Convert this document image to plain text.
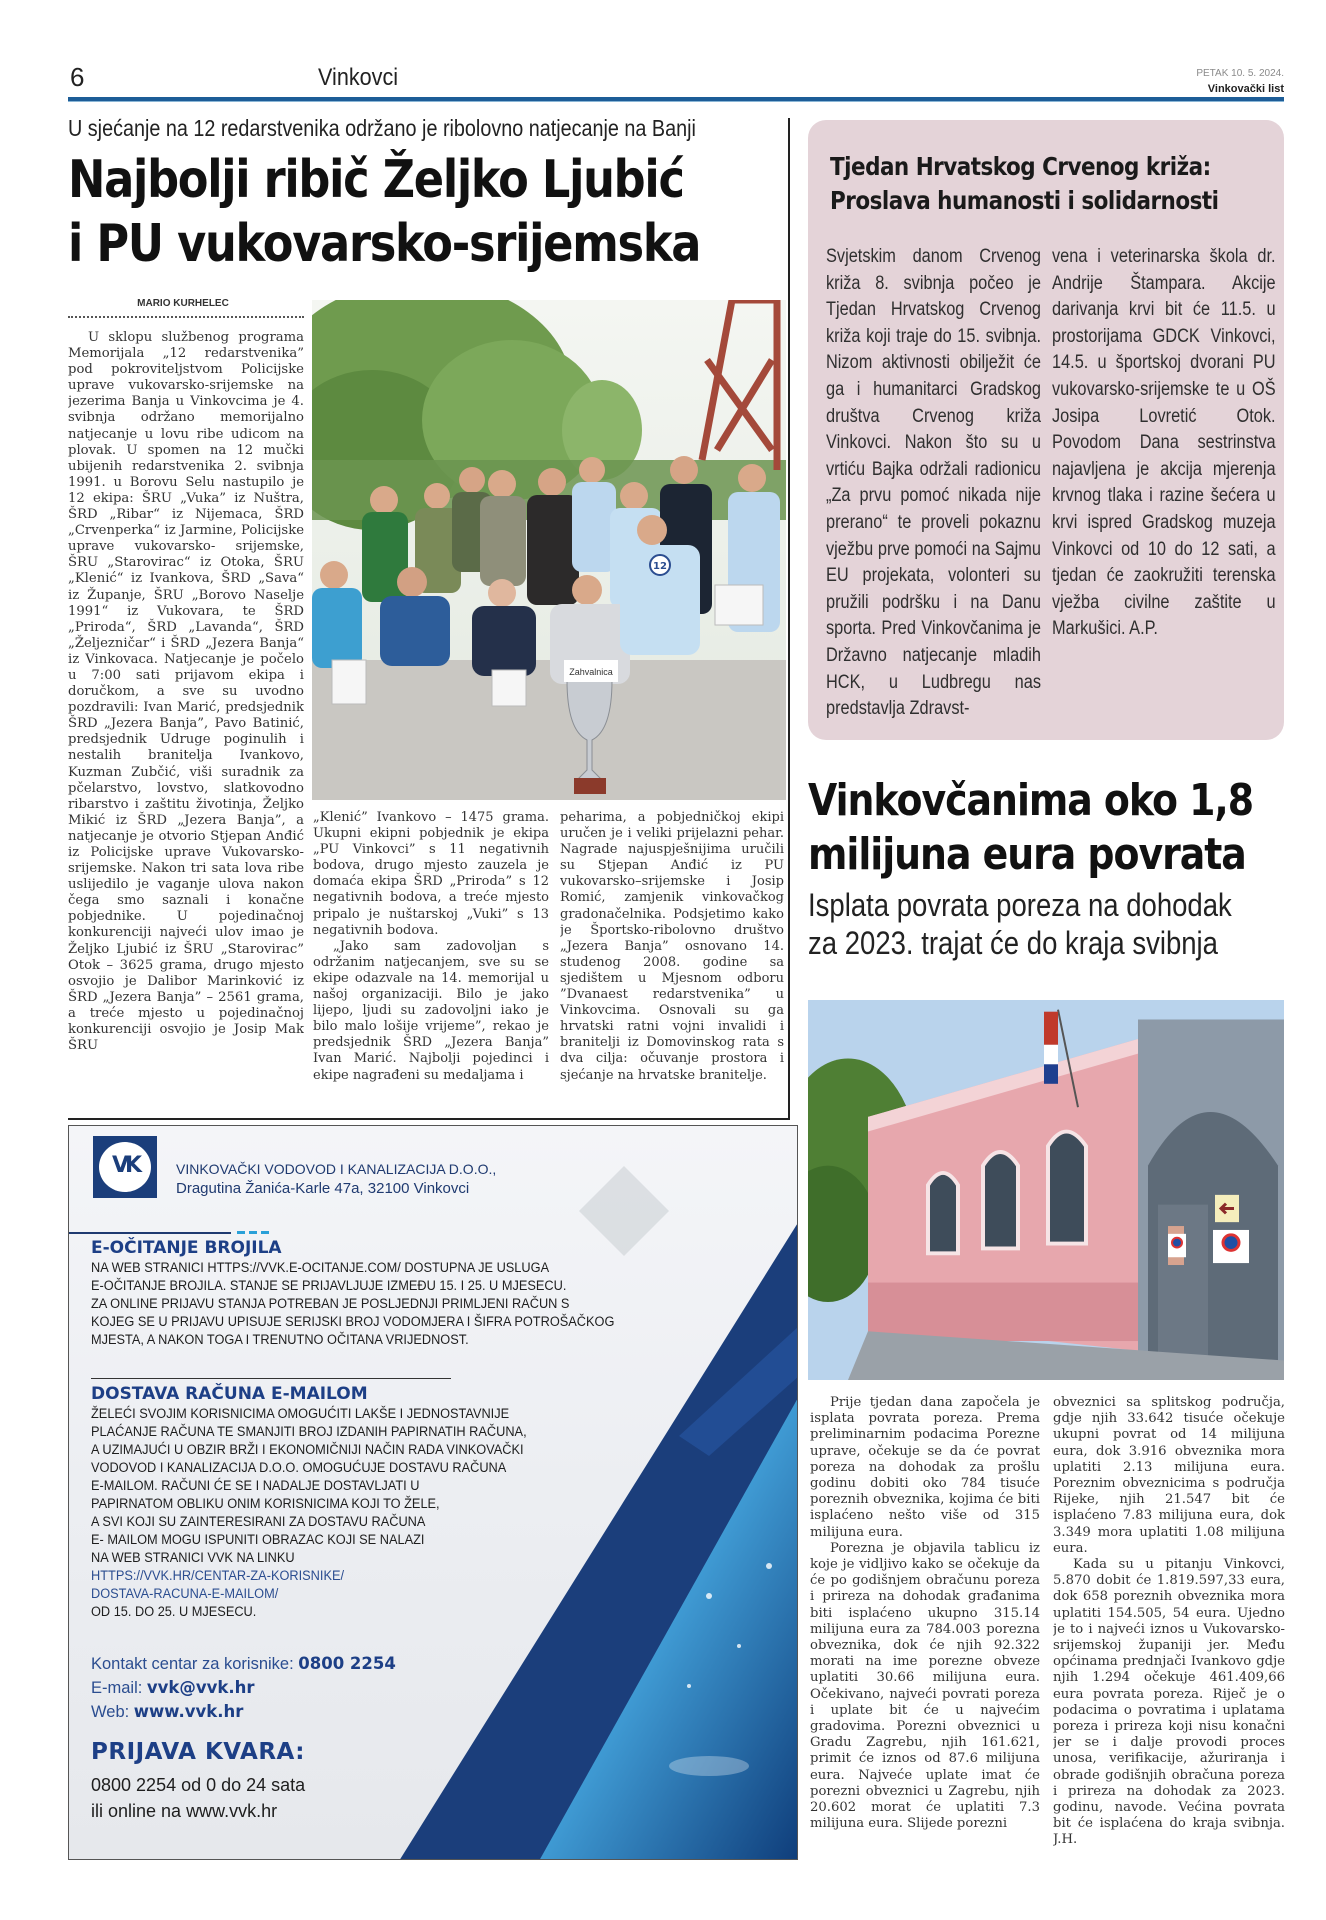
6	Vinkovci	PETAK 10. 5. 2024.
Vinkovački list
U sjećanje na 12 redarstvenika održano je ribolovno natjecanje na Banji
Najbolji ribič Željko Ljubić
i PU vukovarsko-srijemska
MARIO KURHELEC

U sklopu službenog programa Memorijala „12 redarstvenika” pod pokroviteljstvom Policijske uprave vukovarsko-srijemske na jezerima Banja u Vinkovcima je 4. svibnja održano memorijalno natjecanje u lovu ribe udicom na plovak. U spomen na 12 mučki ubijenih redarstvenika 2. svibnja 1991. u Borovu Selu nastupilo je 12 ekipa: ŠRU „Vuka” iz Nuštra, ŠRD „Ribar“ iz Nijemaca, ŠRD „Crvenperka“ iz Jarmine, Policijske uprave vukovarsko- srijemske, ŠRU „Starovirac“ iz Otoka, ŠRU „Klenić“ iz Ivankova, ŠRD „Sava“ iz Županje, ŠRU „Borovo Naselje 1991“ iz Vukovara, te ŠRD „Priroda“, ŠRD „Lavanda“, ŠRD „Željezničar“ i ŠRD „Jezera Banja“ iz Vinkovaca. Natjecanje je počelo u 7:00 sati prijavom ekipa i doručkom, a sve su uvodno pozdravili: Ivan Marić, predsjednik ŠRD „Jezera Banja”, Pavo Batinić, predsjednik Udruge poginulih i nestalih branitelja Ivankovo, Kuzman Zubčić, viši suradnik za pčelarstvo, lovstvo, slatkovodno ribarstvo i zaštitu životinja, Željko Mikić iz ŠRD „Jezera Banja”, a natjecanje je otvorio Stjepan Anđić iz Policijske uprave Vukovarsko-srijemske. Nakon tri sata lova ribe uslijedilo je vaganje ulova nakon čega smo saznali i konačne pobjednike. U pojedinačnoj konkurenciji najveći ulov imao je Željko Ljubić iz ŠRU „Starovirac” Otok – 3625 grama, drugo mjesto osvojio je Dalibor Marinković iz ŠRD „Jezera Banja” – 2561 grama, a treće mjesto u pojedinačnoj konkurenciji osvojio je Josip Mak ŠRU

Zahvalnica
12

„Klenić” Ivankovo – 1475 grama. Ukupni ekipni pobjednik je ekipa „PU Vinkovci” s 11 negativnih bodova, drugo mjesto zauzela je domaća ekipa ŠRD „Priroda” s 12 negativnih bodova, a treće mjesto pripalo je nuštarskoj „Vuki” s 13 negativnih bodova.

„Jako sam zadovoljan s održanim natjecanjem, sve su se ekipe odazvale na 14. memorijal u našoj organizaciji. Bilo je jako lijepo, ljudi su zadovoljni iako je bilo malo lošije vrijeme”, rekao je predsjednik ŠRD „Jezera Banja” Ivan Marić. Najbolji pojedinci i ekipe nagrađeni su medaljama i

peharima, a pobjedničkoj ekipi uručen je i veliki prijelazni pehar. Nagrade najuspješnijima uručili su Stjepan Anđić iz PU vukovarsko–srijemske i Josip Romić, zamjenik vinkovačkog gradonačelnika. Podsjetimo kako je Športsko-ribolovno društvo „Jezera Banja” osnovano 14. studenog 2008. godine sa sjedištem u Mjesnom odboru ”Dvanaest redarstvenika” u Vinkovcima. Osnovali su ga hrvatski ratni vojni invalidi i branitelji iz Domovinskog rata s dva cilja: očuvanje prostora i sjećanje na hrvatske branitelje.

Tjedan Hrvatskog Crvenog križa:
Proslava humanosti i solidarnosti
Svjetskim danom Crvenog križa 8. svibnja počeo je Tjedan Hrvatskog Crvenog križa koji traje do 15. svibnja. Nizom aktivnosti obilježit će ga i humanitarci Gradskog društva Crvenog križa Vinkovci. Nakon što su u vrtiću Bajka održali radionicu „Za prvu pomoć nikada nije prerano“ te proveli pokaznu vježbu prve pomoći na Sajmu EU projekata, volonteri su pružili podršku i na Danu sporta. Pred Vinkovčanima je Državno natjecanje mladih HCK, u Ludbregu nas predstavlja Zdravst-
vena i veterinarska škola dr. Andrije Štampara. Akcije darivanja krvi bit će 11.5. u prostorijama GDCK Vinkovci, 14.5. u športskoj dvorani PU vukovarsko-srijemske te u OŠ Josipa Lovretić Otok. Povodom Dana sestrinstva najavljena je akcija mjerenja krvnog tlaka i razine šećera u krvi ispred Gradskog muzeja Vinkovci od 10 do 12 sati, a tjedan će zaokružiti terenska vježba civilne zaštite u Markušici. A.P.
Vinkovčanima oko 1,8
milijuna eura povrata
Isplata povrata poreza na dohodak
za 2023. trajat će do kraja svibnja

Prije tjedan dana započela je isplata povrata poreza. Prema preliminarnim podacima Porezne uprave, očekuje se da će povrat poreza na dohodak za prošlu godinu dobiti oko 784 tisuće poreznih obveznika, kojima će biti isplaćeno nešto više od 315 milijuna eura.

Porezna je objavila tablicu iz koje je vidljivo kako se očekuje da će po godišnjem obračunu poreza i prireza na dohodak građanima biti isplaćeno ukupno 315.14 milijuna eura za 784.003 porezna obveznika, dok će njih 92.322 morati na ime porezne obveze uplatiti 30.66 milijuna eura. Očekivano, najveći povrati poreza i uplate bit će u najvećim gradovima. Porezni obveznici u Gradu Zagrebu, njih 161.621, primit će iznos od 87.6 milijuna eura. Najveće uplate imat će porezni obveznici u Zagrebu, njih 20.602 morat će uplatiti 7.3 milijuna eura. Slijede porezni

obveznici sa splitskog područja, gdje njih 33.642 tisuće očekuje ukupni povrat od 14 milijuna eura, dok 3.916 obveznika mora uplatiti 2.13 milijuna eura. Poreznim obveznicima s područja Rijeke, njih 21.547 bit će isplaćeno 7.83 milijuna eura, dok 3.349 mora uplatiti 1.08 milijuna eura.

Kada su u pitanju Vinkovci, 5.870 dobit će 1.819.597,33 eura, dok 658 poreznih obveznika mora uplatiti 154.505, 54 eura. Ujedno je to i najveći iznos u Vukovarsko-srijemskoj županiji jer. Među općinama prednjači Ivankovo gdje njih 1.294 očekuje 461.409,66 eura povrata poreza. Riječ je o podacima o povratima i uplatama poreza i prireza koji nisu konačni jer se i dalje provodi proces unosa, verifikacije, ažuriranja i obrade godišnjih obračuna poreza i prireza na dohodak za 2023. godinu, navode. Većina povrata bit će isplaćena do kraja svibnja. J.H.

VK	VINKOVAČKI VODOVOD I KANALIZACIJA D.O.O.,
Dragutina Žanića-Karle 47a, 32100 Vinkovci
E-OČITANJE BROJILA
NA WEB STRANICI HTTPS://VVK.E-OCITANJE.COM/ DOSTUPNA JE USLUGA
E-OČITANJE BROJILA. STANJE SE PRIJAVLJUJE IZMEĐU 15. I 25. U MJESECU.
ZA ONLINE PRIJAVU STANJA POTREBAN JE POSLJEDNJI PRIMLJENI RAČUN S
KOJEG SE U PRIJAVU UPISUJE SERIJSKI BROJ VODOMJERA I ŠIFRA POTROŠAČKOG
MJESTA, A NAKON TOGA I TRENUTNO OČITANA VRIJEDNOST.
DOSTAVA RAČUNA E-MAILOM
ŽELEĆI SVOJIM KORISNICIMA OMOGUĆITI LAKŠE I JEDNOSTAVNIJE
PLAĆANJE RAČUNA TE SMANJITI BROJ IZDANIH PAPIRNATIH RAČUNA,
A UZIMAJUĆI U OBZIR BRŽI I EKONOMIČNIJI NAČIN RADA VINKOVAČKI
VODOVOD I KANALIZACIJA D.O.O. OMOGUĆUJE DOSTAVU RAČUNA
E-MAILOM. RAČUNI ĆE SE I NADALJE DOSTAVLJATI U
PAPIRNATOM OBLIKU ONIM KORISNICIMA KOJI TO ŽELE,
A SVI KOJI SU ZAINTERESIRANI ZA DOSTAVU RAČUNA
E- MAILOM MOGU ISPUNITI OBRAZAC KOJI SE NALAZI
NA WEB STRANICI VVK NA LINKU
HTTPS://VVK.HR/CENTAR-ZA-KORISNIKE/
DOSTAVA-RACUNA-E-MAILOM/
OD 15. DO 25. U MJESECU.
Kontakt centar za korisnike: 0800 2254
E-mail: vvk@vvk.hr
Web: www.vvk.hr
PRIJAVA KVARA:
0800 2254 od 0 do 24 sata
ili online na www.vvk.hr
